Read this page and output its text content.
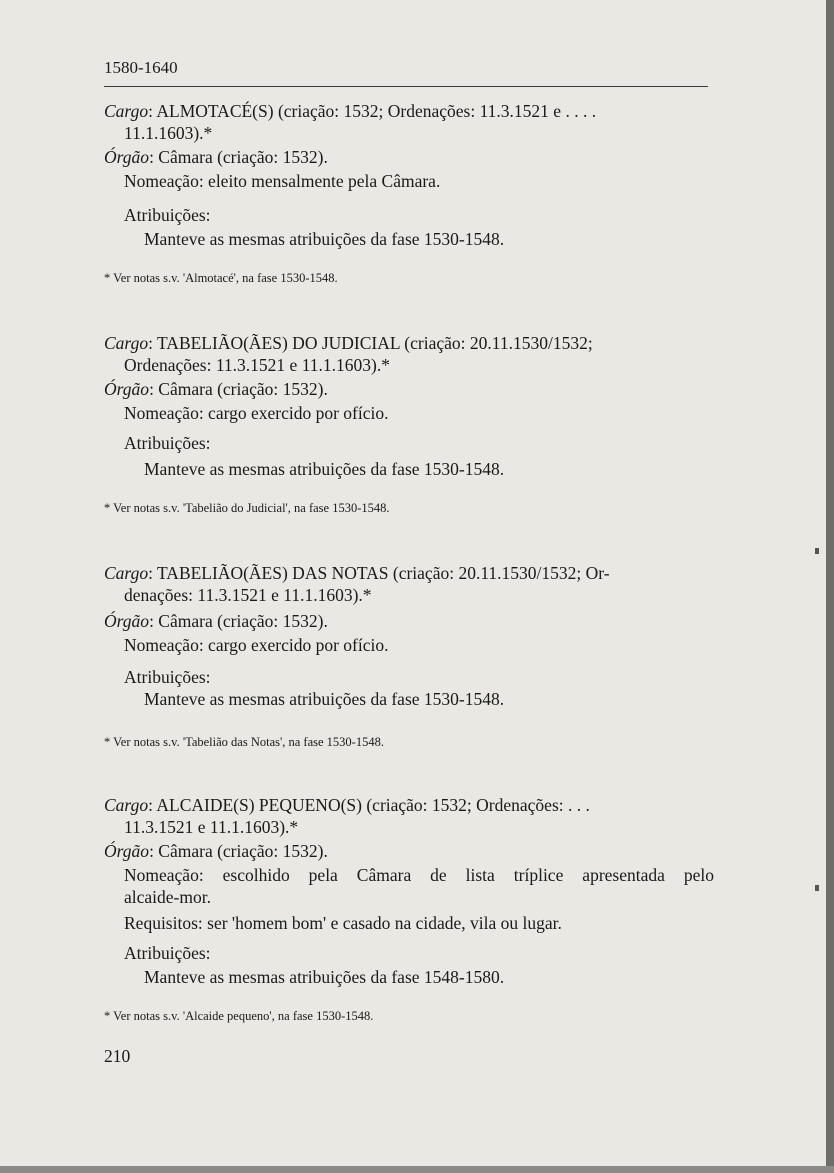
1580-1640
Cargo: ALMOTACÉ(S) (criação: 1532; Ordenações: 11.3.1521 e . . . .
11.1.1603).*
Órgão: Câmara (criação: 1532).
Nomeação: eleito mensalmente pela Câmara.
Atribuições:
Manteve as mesmas atribuições da fase 1530-1548.
* Ver notas s.v. 'Almotacé', na fase 1530-1548.
Cargo: TABELIÃO(ÃES) DO JUDICIAL (criação: 20.11.1530/1532;
Ordenações: 11.3.1521 e 11.1.1603).*
Órgão: Câmara (criação: 1532).
Nomeação: cargo exercido por ofício.
Atribuições:
Manteve as mesmas atribuições da fase 1530-1548.
* Ver notas s.v. 'Tabelião do Judicial', na fase 1530-1548.
Cargo: TABELIÃO(ÃES) DAS NOTAS (criação: 20.11.1530/1532; Or-
denações: 11.3.1521 e 11.1.1603).*
Órgão: Câmara (criação: 1532).
Nomeação: cargo exercido por ofício.
Atribuições:
Manteve as mesmas atribuições da fase 1530-1548.
* Ver notas s.v. 'Tabelião das Notas', na fase 1530-1548.
Cargo: ALCAIDE(S) PEQUENO(S) (criação: 1532; Ordenações: . . .
11.3.1521 e 11.1.1603).*
Órgão: Câmara (criação: 1532).
Nomeação: escolhido pela Câmara de lista tríplice apresentada pelo
alcaide-mor.
Requisitos: ser 'homem bom' e casado na cidade, vila ou lugar.
Atribuições:
Manteve as mesmas atribuições da fase 1548-1580.
* Ver notas s.v. 'Alcaide pequeno', na fase 1530-1548.
210
